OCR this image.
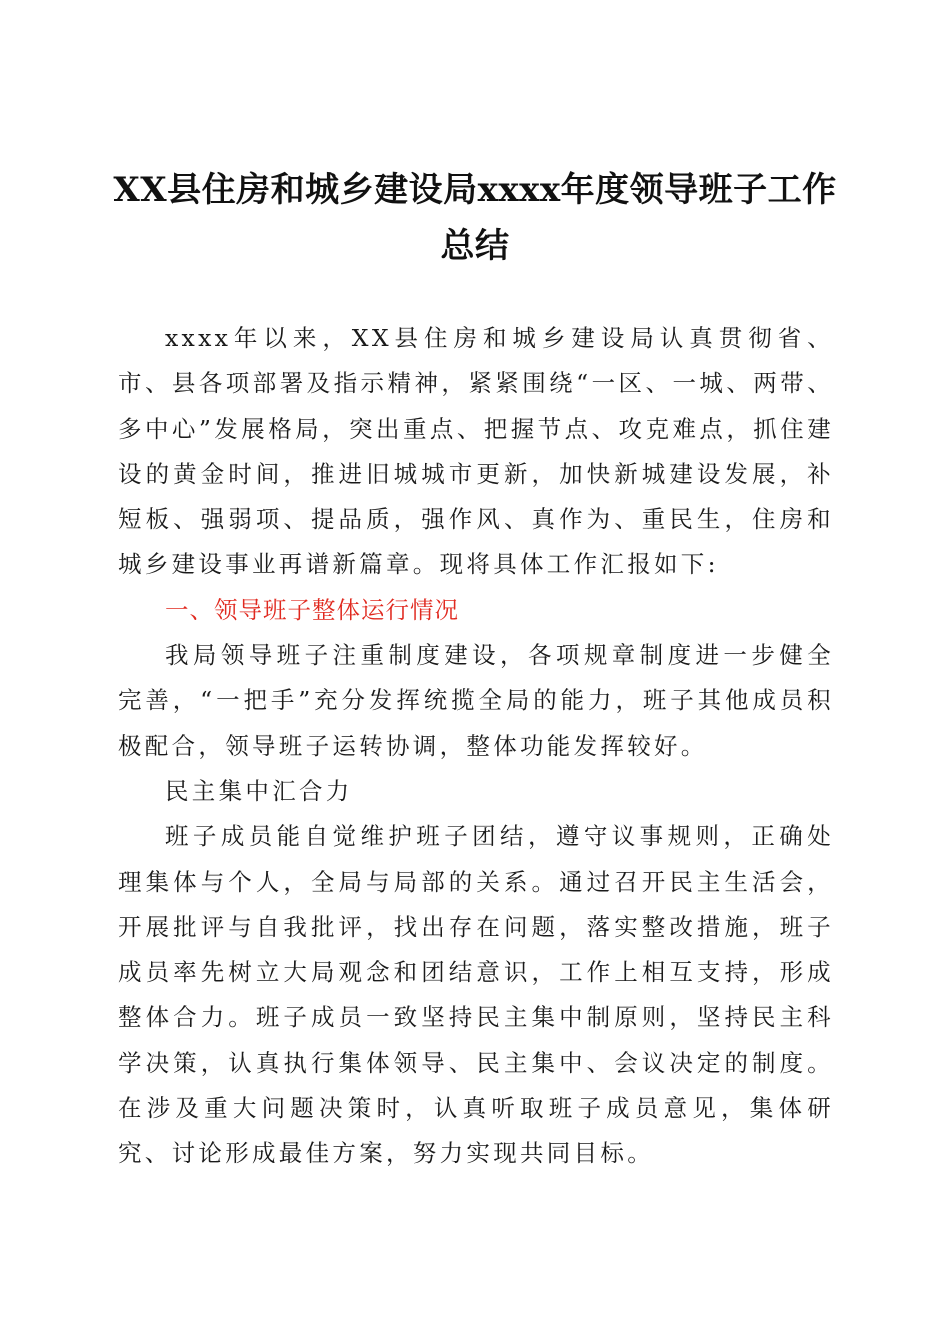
XX县住房和城乡建设局xxxx年度领导班子工作总结

xxxx年以来，XX县住房和城乡建设局认真贯彻省、市、县各项部署及指示精神，紧紧围绕“一区、一城、两带、多中心”发展格局，突出重点、把握节点、攻克难点，抓住建设的黄金时间，推进旧城城市更新，加快新城建设发展，补短板、强弱项、提品质，强作风、真作为、重民生，住房和城乡建设事业再谱新篇章。现将具体工作汇报如下:

一、领导班子整体运行情况

我局领导班子注重制度建设，各项规章制度进一步健全完善，“一把手”充分发挥统揽全局的能力，班子其他成员积极配合，领导班子运转协调，整体功能发挥较好。

民主集中汇合力

班子成员能自觉维护班子团结，遵守议事规则，正确处理集体与个人，全局与局部的关系。通过召开民主生活会，开展批评与自我批评，找出存在问题，落实整改措施，班子成员率先树立大局观念和团结意识，工作上相互支持，形成整体合力。班子成员一致坚持民主集中制原则，坚持民主科学决策，认真执行集体领导、民主集中、会议决定的制度。在涉及重大问题决策时，认真听取班子成员意见，集体研究、讨论形成最佳方案，努力实现共同目标。
